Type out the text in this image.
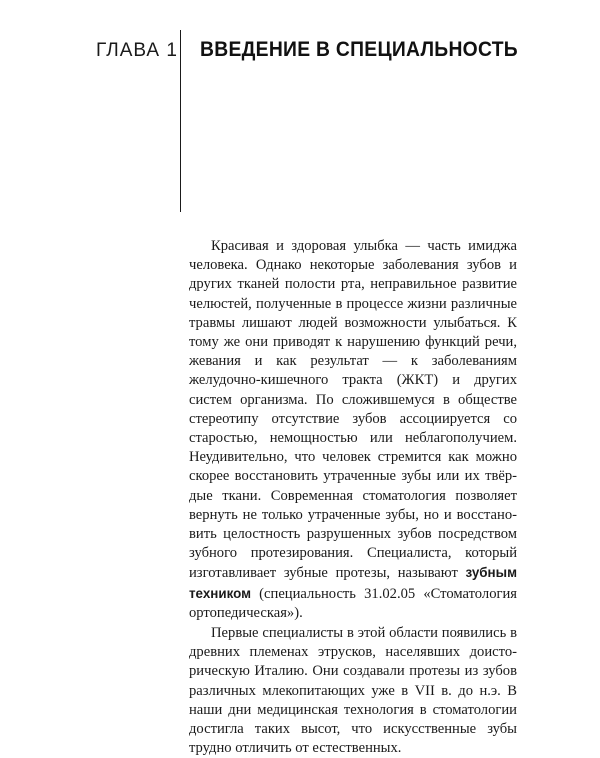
ГЛАВА 1 ВВЕДЕНИЕ В СПЕЦИАЛЬНОСТЬ

Красивая и здоровая улыбка — часть имиджа человека. Однако некоторые заболевания зубов и других тканей полости рта, неправильное развитие челюстей, полученные в процессе жизни различные травмы лишают людей возможности улыбаться. К тому же они приводят к нарушению функций речи, жевания и как результат — к заболеваниям желудочно-кишечного тракта (ЖКТ) и других систем организма. По сложившемуся в обществе стереотипу отсутствие зубов ассоциируется со старостью, немощностью или неблагополучием. Неудивительно, что человек стремится как можно скорее восстановить утраченные зубы или их твёрдые ткани. Современная стоматология позволяет вернуть не только утраченные зубы, но и восстановить целостность разрушенных зубов посредством зубного протезирования. Специалиста, который изготавливает зубные протезы, называют зубным техником (специальность 31.02.05 «Стоматология ортопедическая»).

Первые специалисты в этой области появились в древних племенах этрусков, населявших доисторическую Италию. Они создавали протезы из зубов различных млекопитающих уже в VII в. до н.э. В наши дни медицинская технология в стоматологии достигла таких высот, что искусственные зубы трудно отличить от естественных.
